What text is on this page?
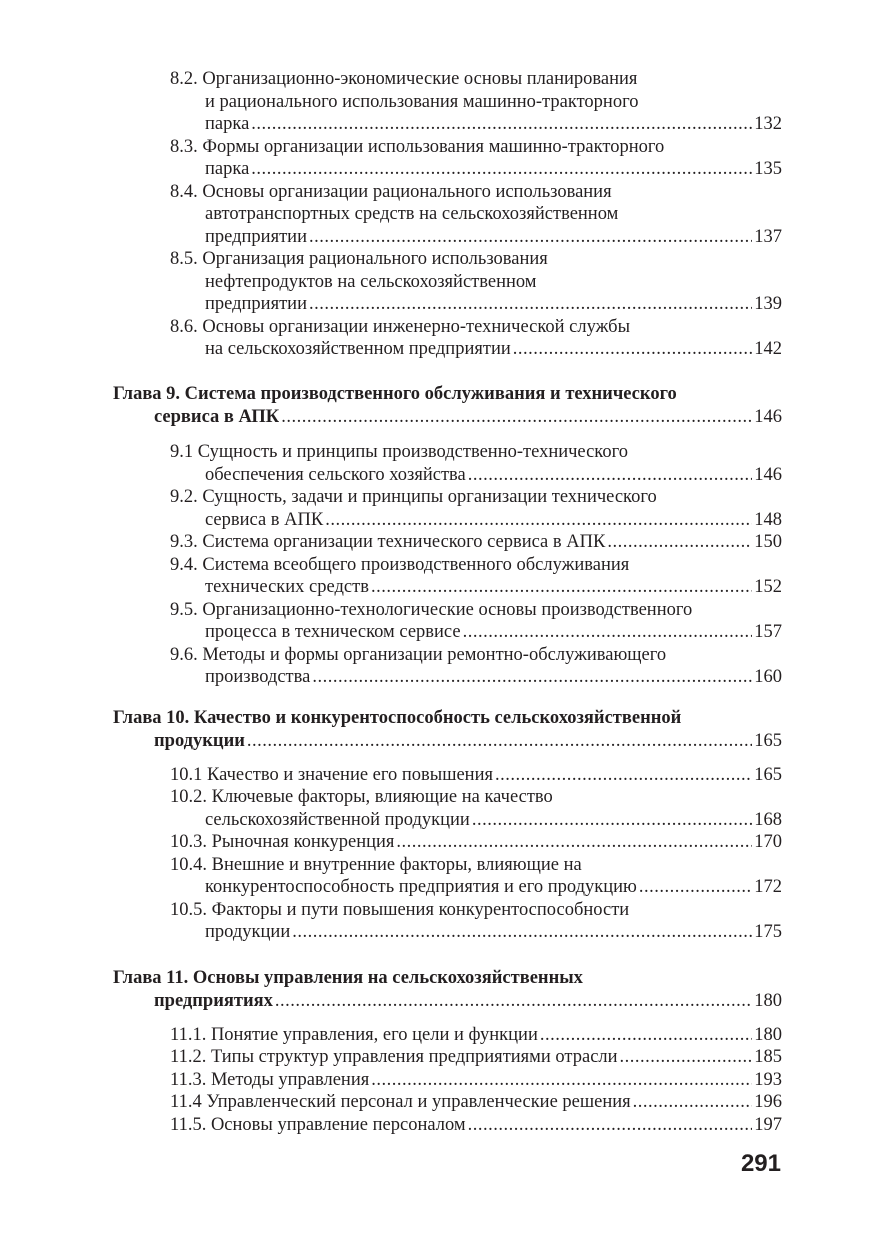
8.2. Организационно-экономические основы планирования
и рационального использования машинно-тракторного
парка .....	132
8.3. Формы организации использования машинно-тракторного
парка .....	135
8.4. Основы организации рационального использования
автотранспортных средств на сельскохозяйственном
предприятии .....	137
8.5. Организация рационального использования
нефтепродуктов на сельскохозяйственном
предприятии .....	139
8.6. Основы организации инженерно-технической службы
на сельскохозяйственном предприятии .....	142
Глава 9. Система производственного обслуживания и технического
сервиса в АПК .....	146
9.1 Сущность и принципы производственно-технического
обеспечения сельского хозяйства .....	146
9.2. Сущность, задачи и принципы организации технического
сервиса в АПК .....	148
9.3. Система организации технического сервиса в АПК .....	150
9.4. Система всеобщего производственного обслуживания
технических средств .....	152
9.5. Организационно-технологические основы производственного
процесса в техническом сервисе .....	157
9.6. Методы и формы организации ремонтно-обслуживающего
производства .....	160
Глава 10. Качество и конкурентоспособность сельскохозяйственной
продукции .....	165
10.1 Качество и значение его повышения .....	165
10.2. Ключевые факторы, влияющие на качество
сельскохозяйственной продукции .....	168
10.3. Рыночная конкуренция .....	170
10.4. Внешние и внутренние факторы, влияющие на
конкурентоспособность предприятия и его продукцию .....	172
10.5. Факторы и пути повышения конкурентоспособности
продукции .....	175
Глава 11. Основы управления на сельскохозяйственных
предприятиях .....	180
11.1. Понятие управления, его цели и функции .....	180
11.2. Типы структур управления предприятиями отрасли .....	185
11.3. Методы управления .....	193
11.4 Управленческий персонал и управленческие решения .....	196
11.5. Основы управление персоналом .....	197
291
